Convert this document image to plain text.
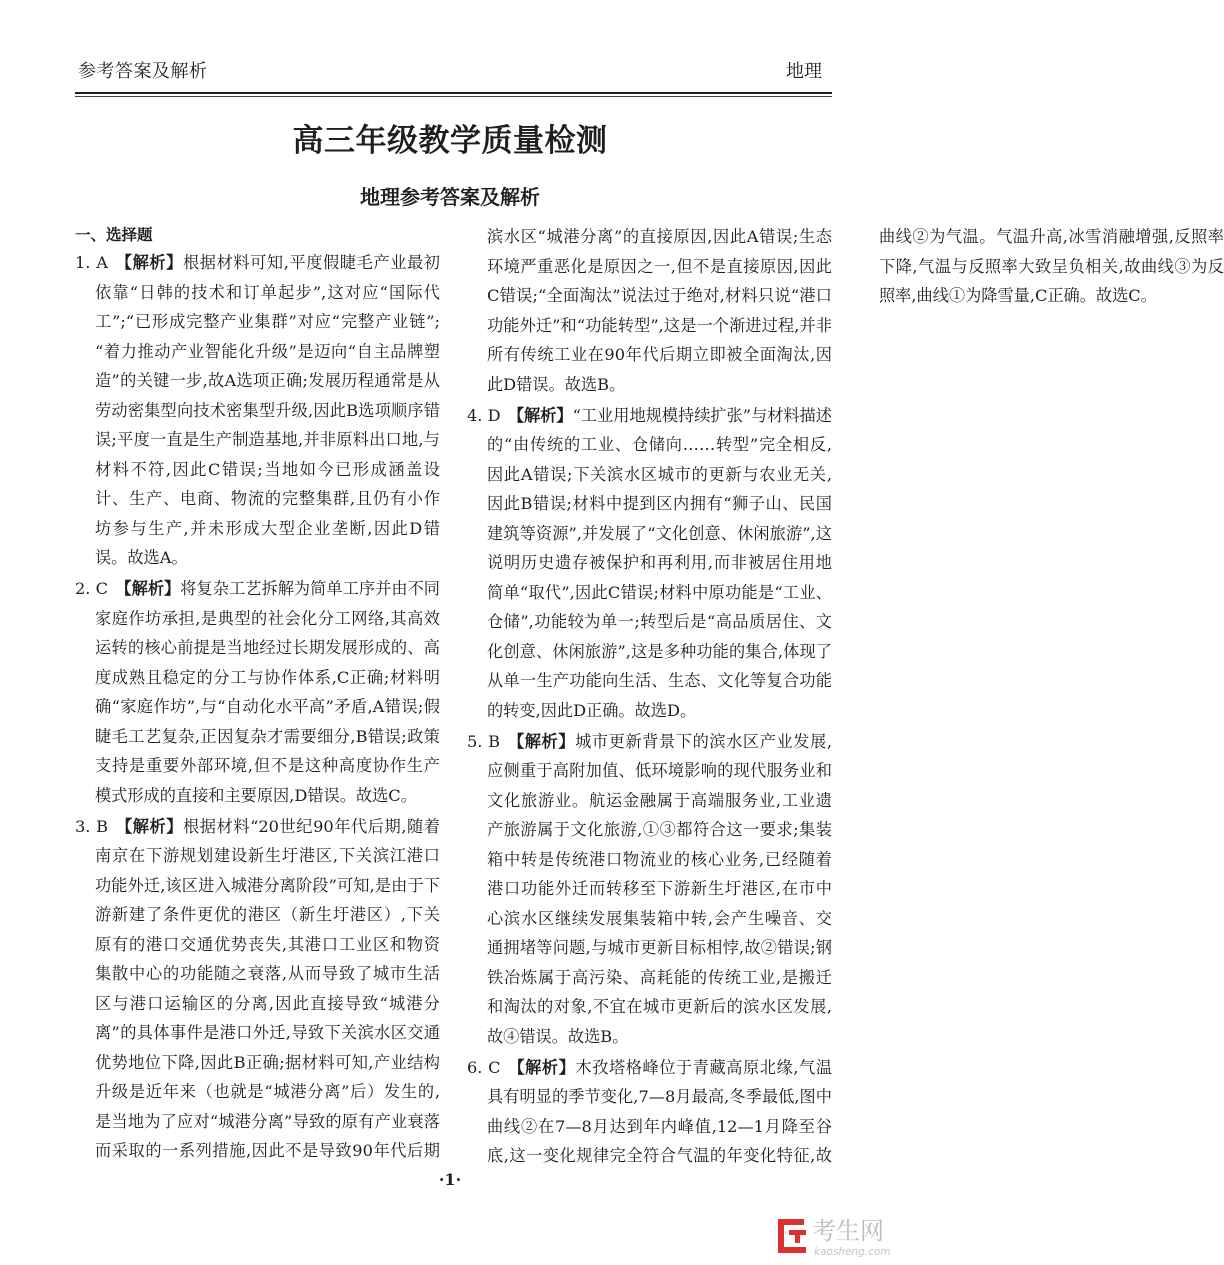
参考答案及解析	地理
高三年级教学质量检测
地理参考答案及解析

一、选择题

1. A 【解析】根据材料可知,平度假睫毛产业最初依靠“日韩的技术和订单起步”,这对应“国际代工”;“已形成完整产业集群”对应“完整产业链”;“着力推动产业智能化升级”是迈向“自主品牌塑造”的关键一步,故A选项正确;发展历程通常是从劳动密集型向技术密集型升级,因此B选项顺序错误;平度一直是生产制造基地,并非原料出口地,与材料不符,因此C错误;当地如今已形成涵盖设计、生产、电商、物流的完整集群,且仍有小作坊参与生产,并未形成大型企业垄断,因此D错误。故选A。

2. C 【解析】将复杂工艺拆解为简单工序并由不同家庭作坊承担,是典型的社会化分工网络,其高效运转的核心前提是当地经过长期发展形成的、高度成熟且稳定的分工与协作体系,C正确;材料明确“家庭作坊”,与“自动化水平高”矛盾,A错误;假睫毛工艺复杂,正因复杂才需要细分,B错误;政策支持是重要外部环境,但不是这种高度协作生产模式形成的直接和主要原因,D错误。故选C。

3. B 【解析】根据材料“20世纪90年代后期,随着南京在下游规划建设新生圩港区,下关滨江港口功能外迁,该区进入城港分离阶段”可知,是由于下游新建了条件更优的港区（新生圩港区）,下关原有的港口交通优势丧失,其港口工业区和物资集散中心的功能随之衰落,从而导致了城市生活区与港口运输区的分离,因此直接导致“城港分离”的具体事件是港口外迁,导致下关滨水区交通优势地位下降,因此B正确;据材料可知,产业结构升级是近年来（也就是“城港分离”后）发生的,是当地为了应对“城港分离”导致的原有产业衰落而采取的一系列措施,因此不是导致90年代后期滨水区“城港分离”的直接原因,因此A错误;生态环境严重恶化是原因之一,但不是直接原因,因此C错误;“全面淘汰”说法过于绝对,材料只说“港口功能外迁”和“功能转型”,这是一个渐进过程,并非所有传统工业在90年代后期立即被全面淘汰,因此D错误。故选B。

4. D 【解析】“工业用地规模持续扩张”与材料描述的“由传统的工业、仓储向……转型”完全相反,因此A错误;下关滨水区城市的更新与农业无关,因此B错误;材料中提到区内拥有“狮子山、民国建筑等资源”,并发展了“文化创意、休闲旅游”,这说明历史遗存被保护和再利用,而非被居住用地简单“取代”,因此C错误;材料中原功能是“工业、仓储”,功能较为单一;转型后是“高品质居住、文化创意、休闲旅游”,这是多种功能的集合,体现了从单一生产功能向生活、生态、文化等复合功能的转变,因此D正确。故选D。

5. B 【解析】城市更新背景下的滨水区产业发展,应侧重于高附加值、低环境影响的现代服务业和文化旅游业。航运金融属于高端服务业,工业遗产旅游属于文化旅游,①③都符合这一要求;集装箱中转是传统港口物流业的核心业务,已经随着港口功能外迁而转移至下游新生圩港区,在市中心滨水区继续发展集装箱中转,会产生噪音、交通拥堵等问题,与城市更新目标相悖,故②错误;钢铁冶炼属于高污染、高耗能的传统工业,是搬迁和淘汰的对象,不宜在城市更新后的滨水区发展,故④错误。故选B。

6. C 【解析】木孜塔格峰位于青藏高原北缘,气温具有明显的季节变化,7—8月最高,冬季最低,图中曲线②在7—8月达到年内峰值,12—1月降至谷底,这一变化规律完全符合气温的年变化特征,故曲线②为气温。气温升高,冰雪消融增强,反照率下降,气温与反照率大致呈负相关,故曲线③为反照率,曲线①为降雪量,C正确。故选C。

·1·
考生网
kaosheng.com
